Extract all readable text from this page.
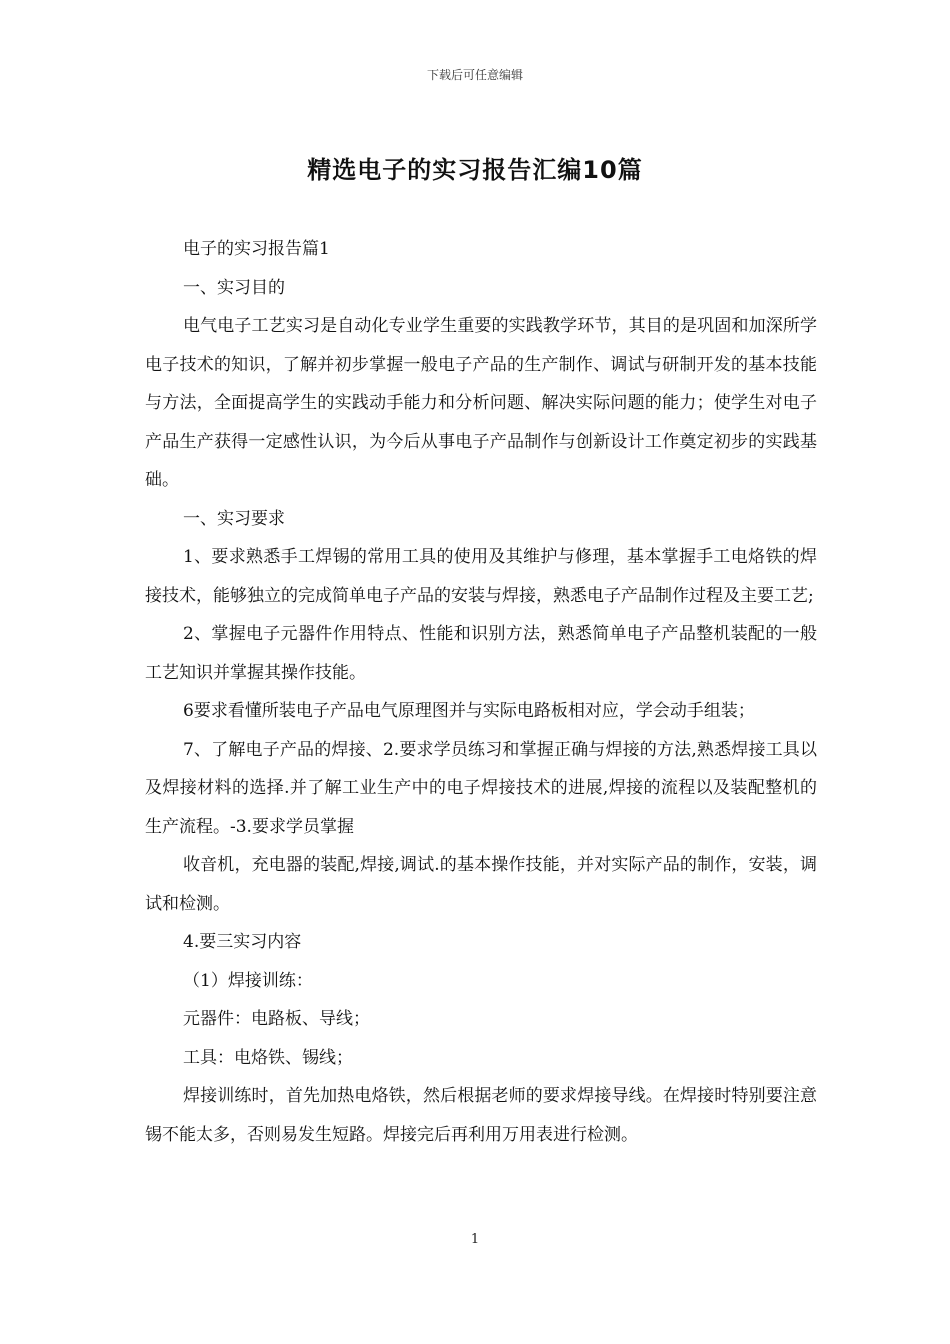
下载后可任意编辑
精选电子的实习报告汇编10篇

电子的实习报告篇1

一、实习目的

电气电子工艺实习是自动化专业学生重要的实践教学环节，其目的是巩固和加深所学电子技术的知识，了解并初步掌握一般电子产品的生产制作、调试与研制开发的基本技能与方法，全面提高学生的实践动手能力和分析问题、解决实际问题的能力；使学生对电子产品生产获得一定感性认识，为今后从事电子产品制作与创新设计工作奠定初步的实践基础。

一、实习要求

1、要求熟悉手工焊锡的常用工具的使用及其维护与修理，基本掌握手工电烙铁的焊接技术，能够独立的完成简单电子产品的安装与焊接，熟悉电子产品制作过程及主要工艺;

2、掌握电子元器件作用特点、性能和识别方法，熟悉简单电子产品整机装配的一般工艺知识并掌握其操作技能。

6要求看懂所装电子产品电气原理图并与实际电路板相对应，学会动手组装；

7、了解电子产品的焊接、2.要求学员练习和掌握正确与焊接的方法,熟悉焊接工具以及焊接材料的选择.并了解工业生产中的电子焊接技术的进展,焊接的流程以及装配整机的生产流程。-3.要求学员掌握

收音机，充电器的装配,焊接,调试.的基本操作技能，并对实际产品的制作，安装，调试和检测。

4.要三实习内容

（1）焊接训练：

元器件：电路板、导线；

工具：电烙铁、锡线；

焊接训练时，首先加热电烙铁，然后根据老师的要求焊接导线。在焊接时特别要注意锡不能太多，否则易发生短路。焊接完后再利用万用表进行检测。

1
